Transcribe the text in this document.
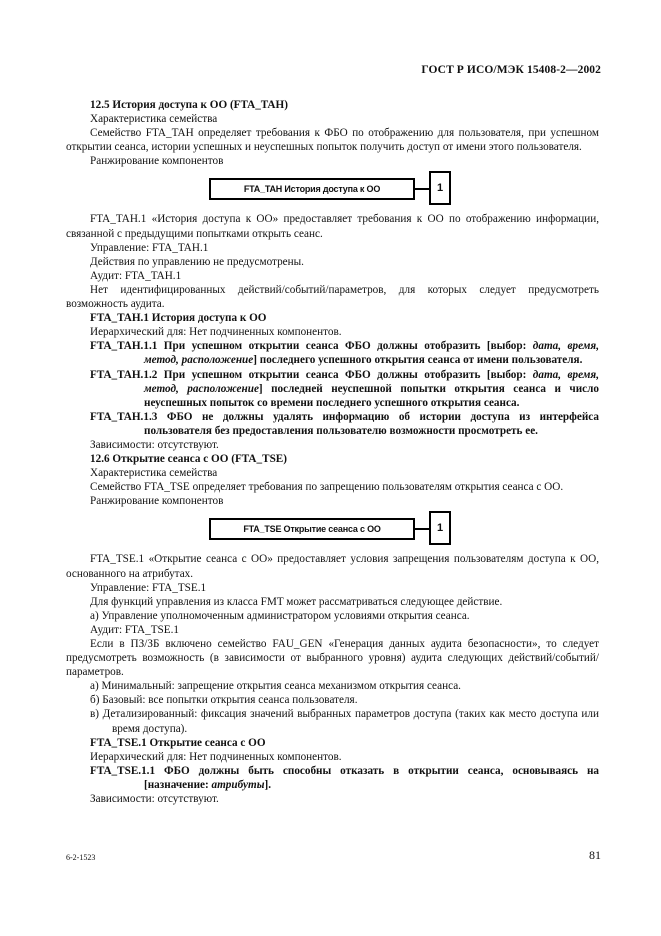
ГОСТ Р ИСО/МЭК 15408-2—2002

12.5 История доступа к ОО (FTA_TAH)

Характеристика семейства

Семейство FTA_TAH определяет требования к ФБО по отображению для пользователя, при успешном открытии сеанса, истории успешных и неуспешных попыток получить доступ от имени этого пользователя.

Ранжирование компонентов

FTA_TAH История доступа к ОО	1

FTA_TAH.1 «История доступа к ОО» предоставляет требования к ОО по отображению информации, связанной с предыдущими попытками открыть сеанс.

Управление: FTA_TAH.1

Действия по управлению не предусмотрены.

Аудит: FTA_TAH.1

Нет идентифицированных действий/событий/параметров, для которых следует предусмотреть возможность аудита.

FTA_TAH.1 История доступа к ОО

Иерархический для: Нет подчиненных компонентов.

FTA_TAH.1.1 При успешном открытии сеанса ФБО должны отобразить [выбор: дата, время, метод, расположение] последнего успешного открытия сеанса от имени пользователя.

FTA_TAH.1.2 При успешном открытии сеанса ФБО должны отобразить [выбор: дата, время, метод, расположение] последней неуспешной попытки открытия сеанса и число неуспешных попыток со времени последнего успешного открытия сеанса.

FTA_TAH.1.3 ФБО не должны удалять информацию об истории доступа из интерфейса пользователя без предоставления пользователю возможности просмотреть ее.

Зависимости: отсутствуют.

12.6 Открытие сеанса с ОО (FTA_TSE)

Характеристика семейства

Семейство FTA_TSE определяет требования по запрещению пользователям открытия сеанса с ОО.

Ранжирование компонентов

FTA_TSE Открытие сеанса с ОО	1

FTA_TSE.1 «Открытие сеанса с ОО» предоставляет условия запрещения пользователям доступа к ОО, основанного на атрибутах.

Управление: FTA_TSE.1

Для функций управления из класса FMT может рассматриваться следующее действие.

а) Управление уполномоченным администратором условиями открытия сеанса.

Аудит: FTA_TSE.1

Если в ПЗ/ЗБ включено семейство FAU_GEN «Генерация данных аудита безопасности», то следует предусмотреть возможность (в зависимости от выбранного уровня) аудита следующих действий/событий/параметров.

а) Минимальный: запрещение открытия сеанса механизмом открытия сеанса.

б) Базовый: все попытки открытия сеанса пользователя.

в) Детализированный: фиксация значений выбранных параметров доступа (таких как место доступа или время доступа).

FTA_TSE.1 Открытие сеанса с ОО

Иерархический для: Нет подчиненных компонентов.

FTA_TSE.1.1 ФБО должны быть способны отказать в открытии сеанса, основываясь на [назначение: атрибуты].

Зависимости: отсутствуют.

6-2-1523	81
